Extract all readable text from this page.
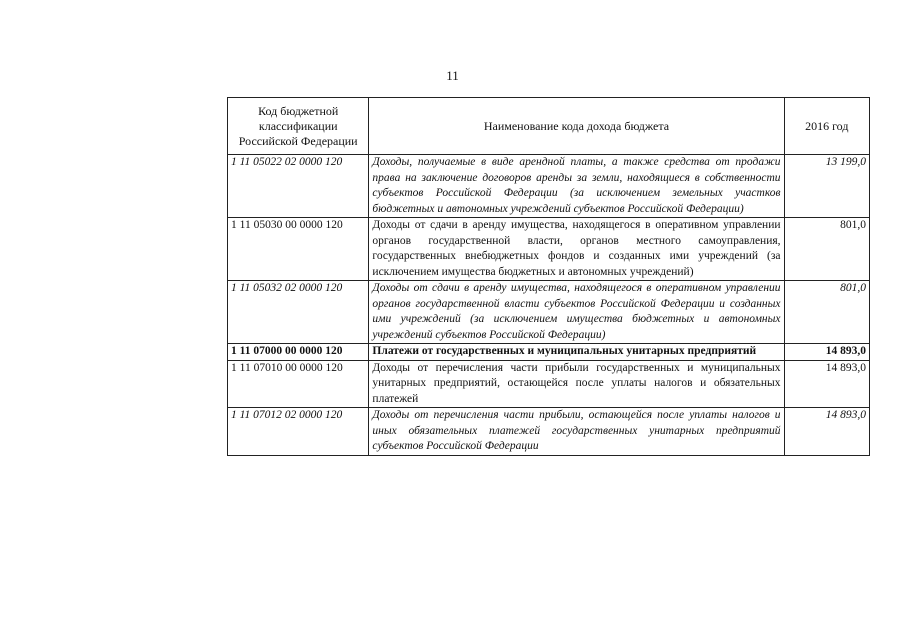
11
Код бюджетной классификации Российской Федерации	Наименование кода дохода бюджета	2016 год
1 11 05022 02 0000 120	Доходы, получаемые в виде арендной платы, а также средства от продажи права на заключение договоров аренды за земли, находящиеся в собственности субъектов Российской Федерации (за исключением земельных участков бюджетных и автономных учреждений субъектов Российской Федерации)	13 199,0
1 11 05030 00 0000 120	Доходы от сдачи в аренду имущества, находящегося в оперативном управлении органов государственной власти, органов местного самоуправления, государственных внебюджетных фондов и созданных ими учреждений (за исключением имущества бюджетных и автономных учреждений)	801,0
1 11 05032 02 0000 120	Доходы от сдачи в аренду имущества, находящегося в оперативном управлении органов государственной власти субъектов Российской Федерации и созданных ими учреждений (за исключением имущества бюджетных и автономных учреждений субъектов Российской Федерации)	801,0
1 11 07000 00 0000 120	Платежи от государственных и муниципальных унитарных предприятий	14 893,0
1 11 07010 00 0000 120	Доходы от перечисления части прибыли государственных и муниципальных унитарных предприятий, остающейся после уплаты налогов и обязательных платежей	14 893,0
1 11 07012 02 0000 120	Доходы от перечисления части прибыли, остающейся после уплаты налогов и иных обязательных платежей государственных унитарных предприятий субъектов Российской Федерации	14 893,0
